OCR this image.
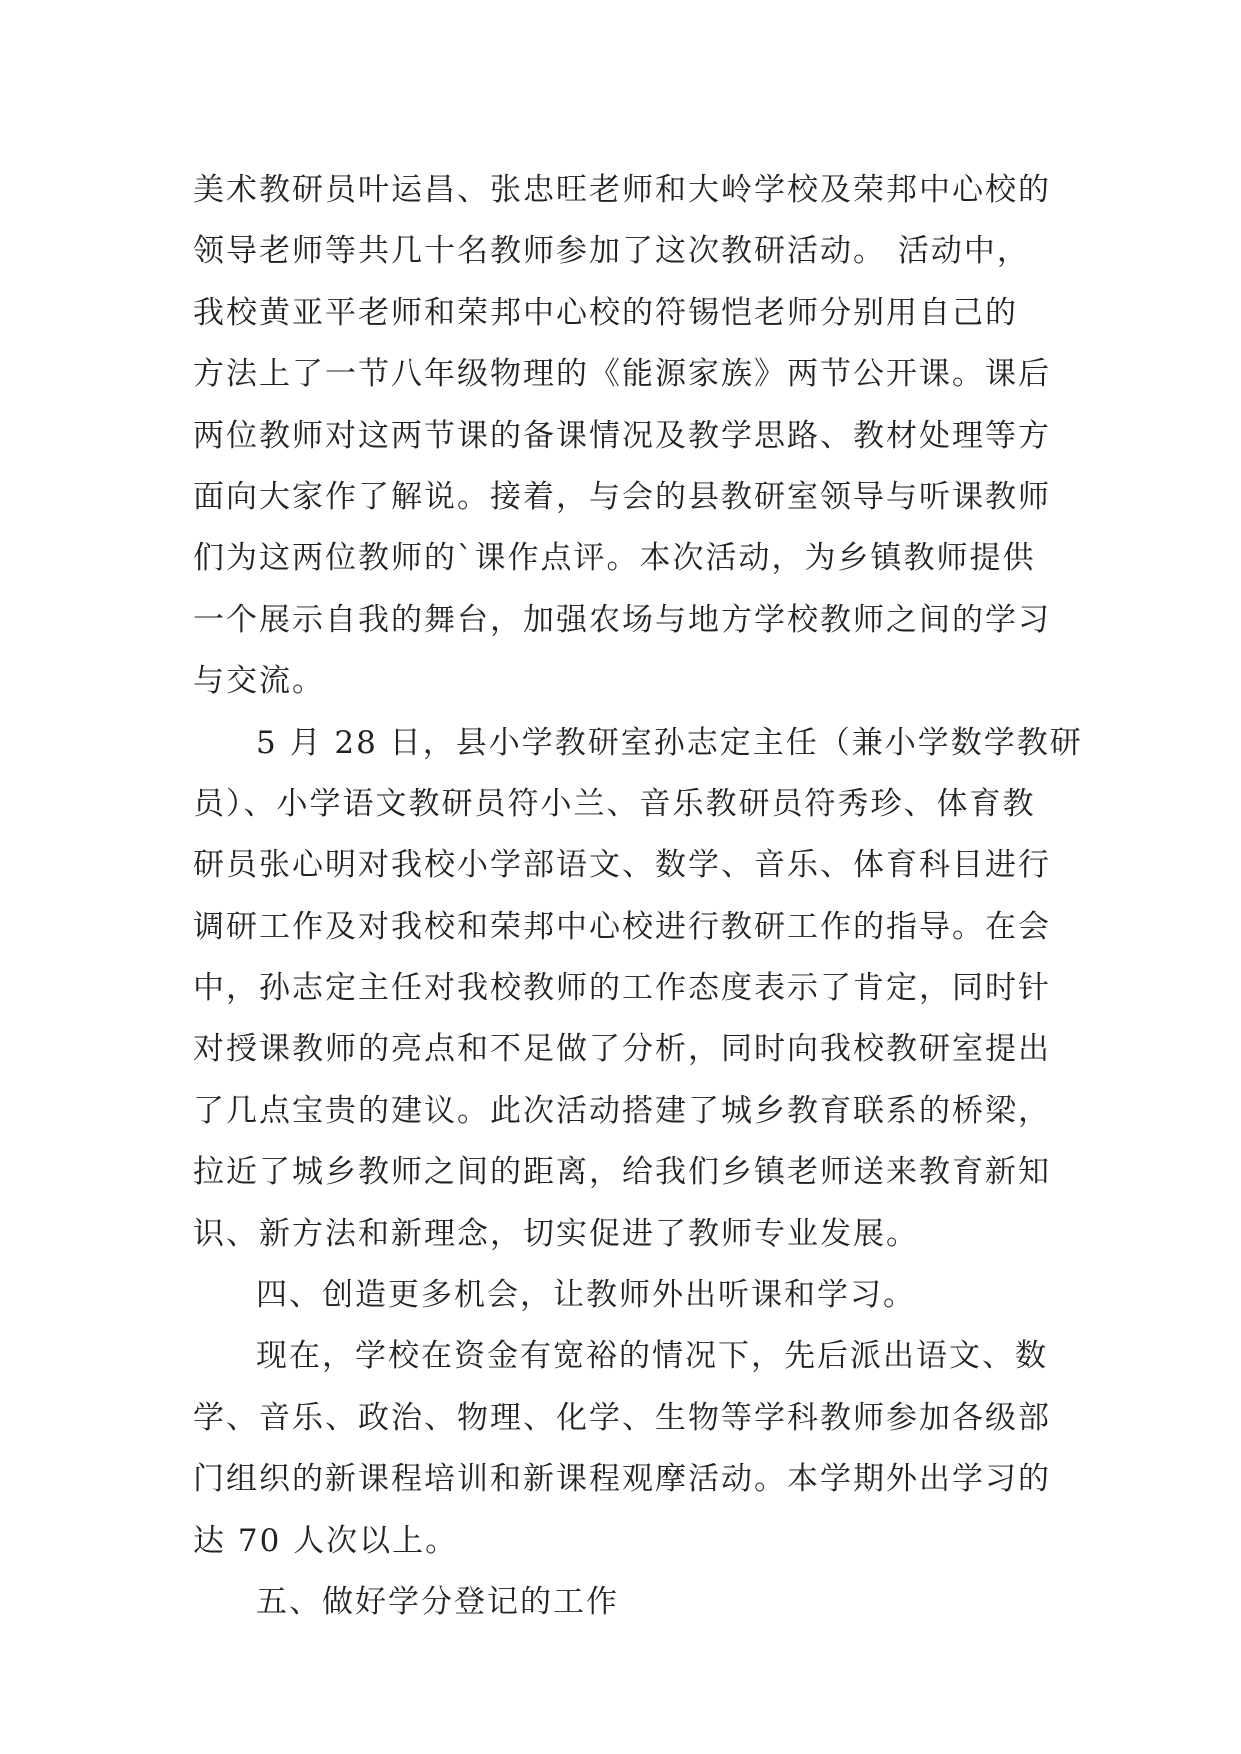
美术教研员叶运昌、张忠旺老师和大岭学校及荣邦中心校的
领导老师等共几十名教师参加了这次教研活动。 活动中，
我校黄亚平老师和荣邦中心校的符锡恺老师分别用自己的
方法上了一节八年级物理的《能源家族》两节公开课。课后
两位教师对这两节课的备课情况及教学思路、教材处理等方
面向大家作了解说。接着，与会的县教研室领导与听课教师
们为这两位教师的`课作点评。本次活动，为乡镇教师提供
一个展示自我的舞台，加强农场与地方学校教师之间的学习
与交流。
5 月 28 日，县小学教研室孙志定主任（兼小学数学教研
员）、小学语文教研员符小兰、音乐教研员符秀珍、体育教
研员张心明对我校小学部语文、数学、音乐、体育科目进行
调研工作及对我校和荣邦中心校进行教研工作的指导。在会
中，孙志定主任对我校教师的工作态度表示了肯定，同时针
对授课教师的亮点和不足做了分析，同时向我校教研室提出
了几点宝贵的建议。此次活动搭建了城乡教育联系的桥梁，
拉近了城乡教师之间的距离，给我们乡镇老师送来教育新知
识、新方法和新理念，切实促进了教师专业发展。
四、创造更多机会，让教师外出听课和学习。
现在，学校在资金有宽裕的情况下，先后派出语文、数
学、音乐、政治、物理、化学、生物等学科教师参加各级部
门组织的新课程培训和新课程观摩活动。本学期外出学习的
达 70 人次以上。
五、做好学分登记的工作
